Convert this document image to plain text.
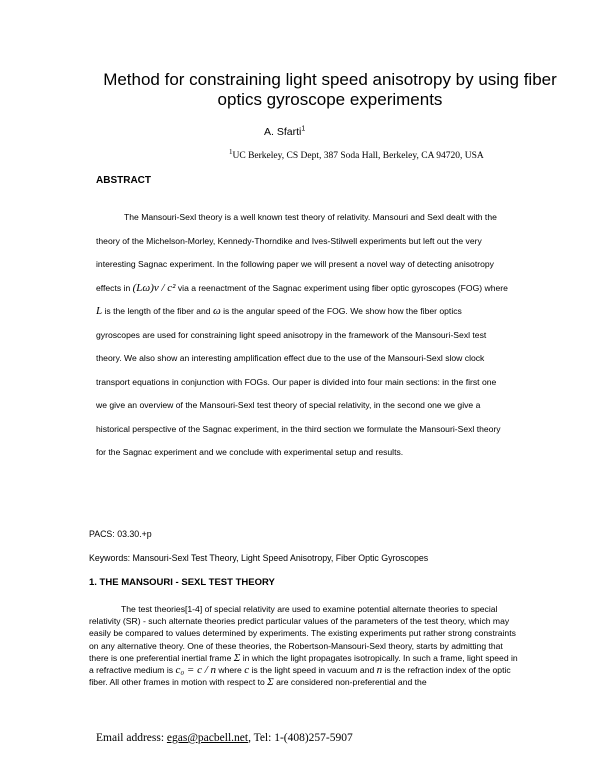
Method for constraining light speed anisotropy by using fiber
optics gyroscope experiments
A. Sfarti$^1$
$^1$UC Berkeley, CS Dept, 387 Soda Hall, Berkeley, CA 94720, USA
ABSTRACT
The Mansouri-Sexl theory is a well known test theory of relativity. Mansouri and Sexl dealt with the theory of the Michelson-Morley, Kennedy-Thorndike and Ives-Stilwell experiments but left out the very interesting Sagnac experiment. In the following paper we will present a novel way of detecting anisotropy effects in (Lω)v / c² via a reenactment of the Sagnac experiment using fiber optic gyroscopes (FOG) where L is the length of the fiber and ω is the angular speed of the FOG. We show how the fiber optics gyroscopes are used for constraining light speed anisotropy in the framework of the Mansouri-Sexl test theory. We also show an interesting amplification effect due to the use of the Mansouri-Sexl slow clock transport equations in conjunction with FOGs. Our paper is divided into four main sections: in the first one we give an overview of the Mansouri-Sexl test theory of special relativity, in the second one we give a historical perspective of the Sagnac experiment, in the third section we formulate the Mansouri-Sexl theory for the Sagnac experiment and we conclude with experimental setup and results.
PACS: 03.30.+p
Keywords: Mansouri-Sexl Test Theory, Light Speed Anisotropy, Fiber Optic Gyroscopes
1. THE MANSOURI - SEXL TEST THEORY
The test theories[1-4] of special relativity are used to examine potential alternate theories to special relativity (SR) - such alternate theories predict particular values of the parameters of the test theory, which may easily be compared to values determined by experiments. The existing experiments put rather strong constraints on any alternative theory. One of these theories, the Robertson-Mansouri-Sexl theory, starts by admitting that there is one preferential inertial frame Σ in which the light propagates isotropically. In such a frame, light speed in a refractive medium is c₀ = c / n where c is the light speed in vacuum and n is the refraction index of the optic fiber. All other frames in motion with respect to Σ are considered non-preferential and the
Email address: egas@pacbell.net, Tel: 1-(408)257-5907
